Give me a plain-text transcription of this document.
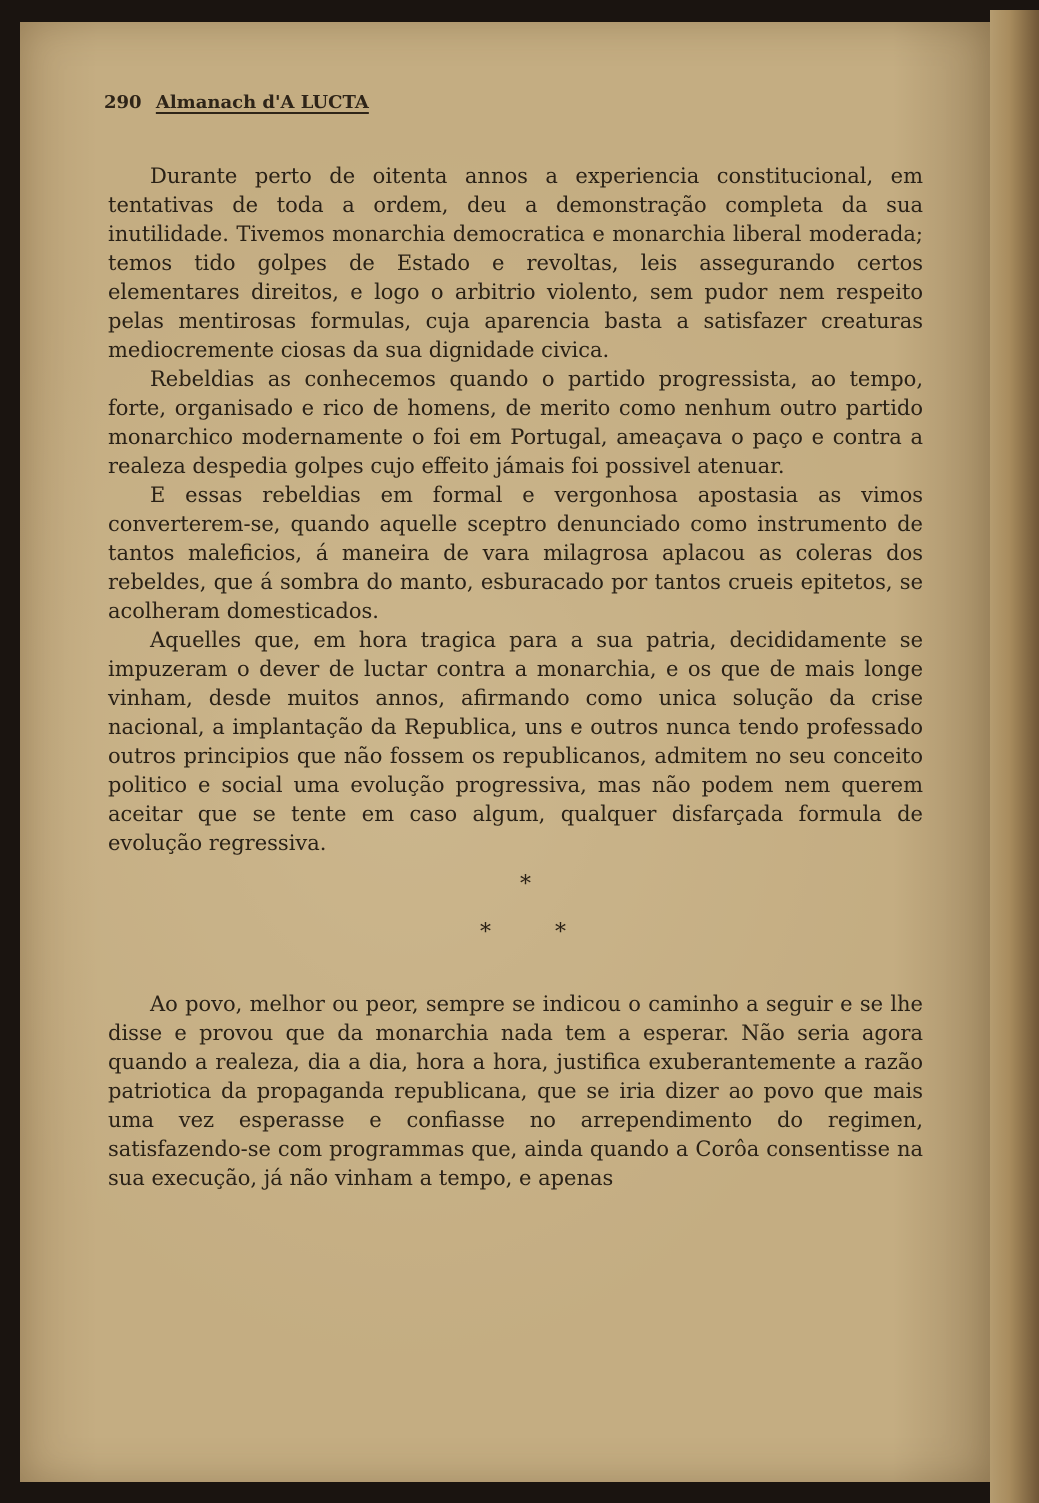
290 Almanach d'A LUCTA

Durante perto de oitenta annos a experiencia constitucional, em tentativas de toda a ordem, deu a demonstração completa da sua inutilidade. Tivemos monarchia democratica e monarchia liberal moderada; temos tido golpes de Estado e revoltas, leis assegurando certos elementares direitos, e logo o arbitrio violento, sem pudor nem respeito pelas mentirosas formulas, cuja aparencia basta a satisfazer creaturas mediocremente ciosas da sua dignidade civica.

Rebeldias as conhecemos quando o partido progressista, ao tempo, forte, organisado e rico de homens, de merito como nenhum outro partido monarchico modernamente o foi em Portugal, ameaçava o paço e contra a realeza despedia golpes cujo effeito jámais foi possivel atenuar.

E essas rebeldias em formal e vergonhosa apostasia as vimos converterem-se, quando aquelle sceptro denunciado como instrumento de tantos maleficios, á maneira de vara milagrosa aplacou as coleras dos rebeldes, que á sombra do manto, esburacado por tantos crueis epitetos, se acolheram domesticados.

Aquelles que, em hora tragica para a sua patria, decididamente se impuzeram o dever de luctar contra a monarchia, e os que de mais longe vinham, desde muitos annos, afirmando como unica solução da crise nacional, a implantação da Republica, uns e outros nunca tendo professado outros principios que não fossem os republicanos, admitem no seu conceito politico e social uma evolução progressiva, mas não podem nem querem aceitar que se tente em caso algum, qualquer disfarçada formula de evolução regressiva.

*
*	*

Ao povo, melhor ou peor, sempre se indicou o caminho a seguir e se lhe disse e provou que da monarchia nada tem a esperar. Não seria agora quando a realeza, dia a dia, hora a hora, justifica exuberantemente a razão patriotica da propaganda republicana, que se iria dizer ao povo que mais uma vez esperasse e confiasse no arrependimento do regimen, satisfazendo-se com programmas que, ainda quando a Corôa consentisse na sua execução, já não vinham a tempo, e apenas
